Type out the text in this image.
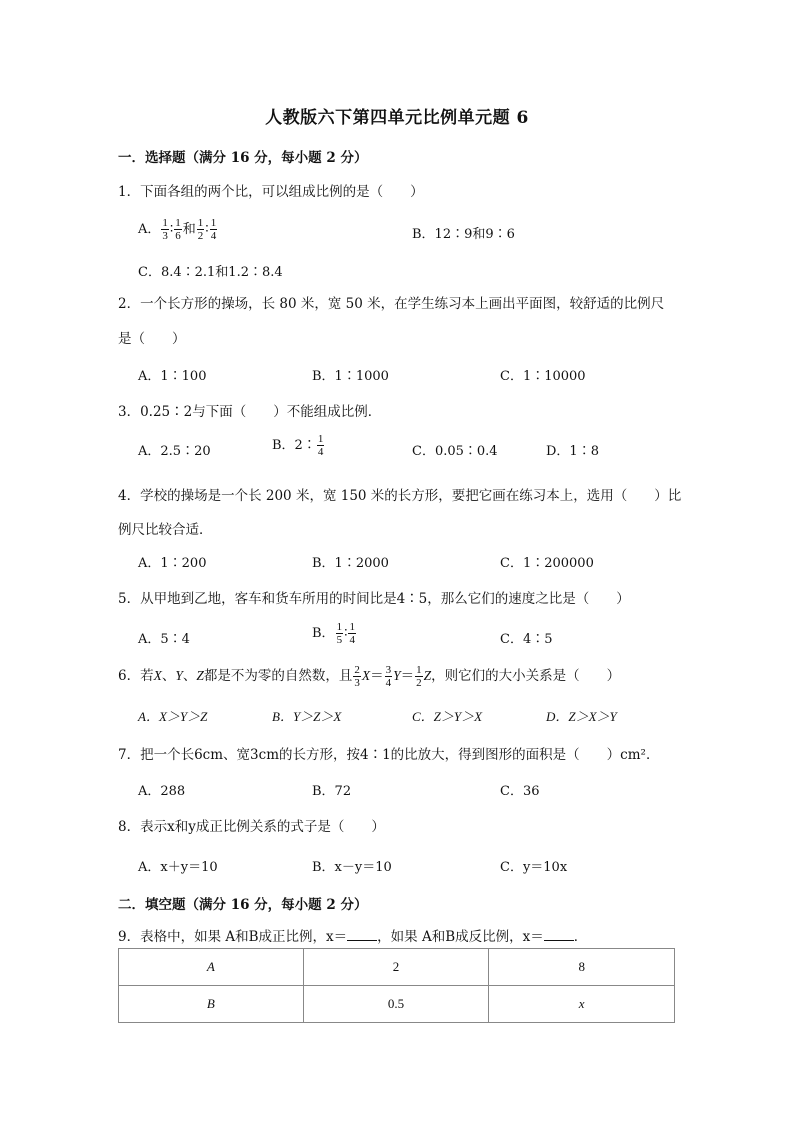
人教版六下第四单元比例单元题 6
一．选择题（满分 16 分，每小题 2 分）
1．下面各组的两个比，可以组成比例的是（　　）
A． $\frac{1}{3}$ ∶ $\frac{1}{6}$ 和 $\frac{1}{2}$ ∶ $\frac{1}{4}$	B．12∶9和9∶6
C．8.4∶2.1和1.2∶8.4
2．一个长方形的操场，长 80 米，宽 50 米，在学生练习本上画出平面图，较舒适的比例尺
是（　　）
A．1∶100	B．1∶1000	C．1∶10000
3．0.25∶2与下面（　　）不能组成比例．
A．2.5∶20	B．2∶ $\frac{1}{4}$	C．0.05∶0.4	D．1∶8
4．学校的操场是一个长 200 米，宽 150 米的长方形，要把它画在练习本上，选用（　　）比
例尺比较合适．
A．1∶200	B．1∶2000	C．1∶200000
5．从甲地到乙地，客车和货车所用的时间比是4∶5，那么它们的速度之比是（　　）
A．5∶4	B． $\frac{1}{5}$ ∶ $\frac{1}{4}$	C．4∶5
6．若X、Y、Z都是不为零的自然数，且 $\frac{2}{3} X= \frac{3}{4} Y= \frac{1}{2}$ Z，则它们的大小关系是（　　）
A．X＞Y＞Z	B．Y＞Z＞X	C．Z＞Y＞X	D．Z＞X＞Y
7．把一个长6cm、宽3cm的长方形，按4∶1的比放大，得到图形的面积是（　　）cm²．
A．288	B．72	C．36
8．表示x和y成正比例关系的式子是（　　）
A．x＋y＝10	B．x－y＝10	C．y＝10x
二．填空题（满分 16 分，每小题 2 分）
9．表格中，如果 A和B成正比例，x＝ ，如果 A和B成反比例，x＝ ．
A	2	8
B	0.5	x
